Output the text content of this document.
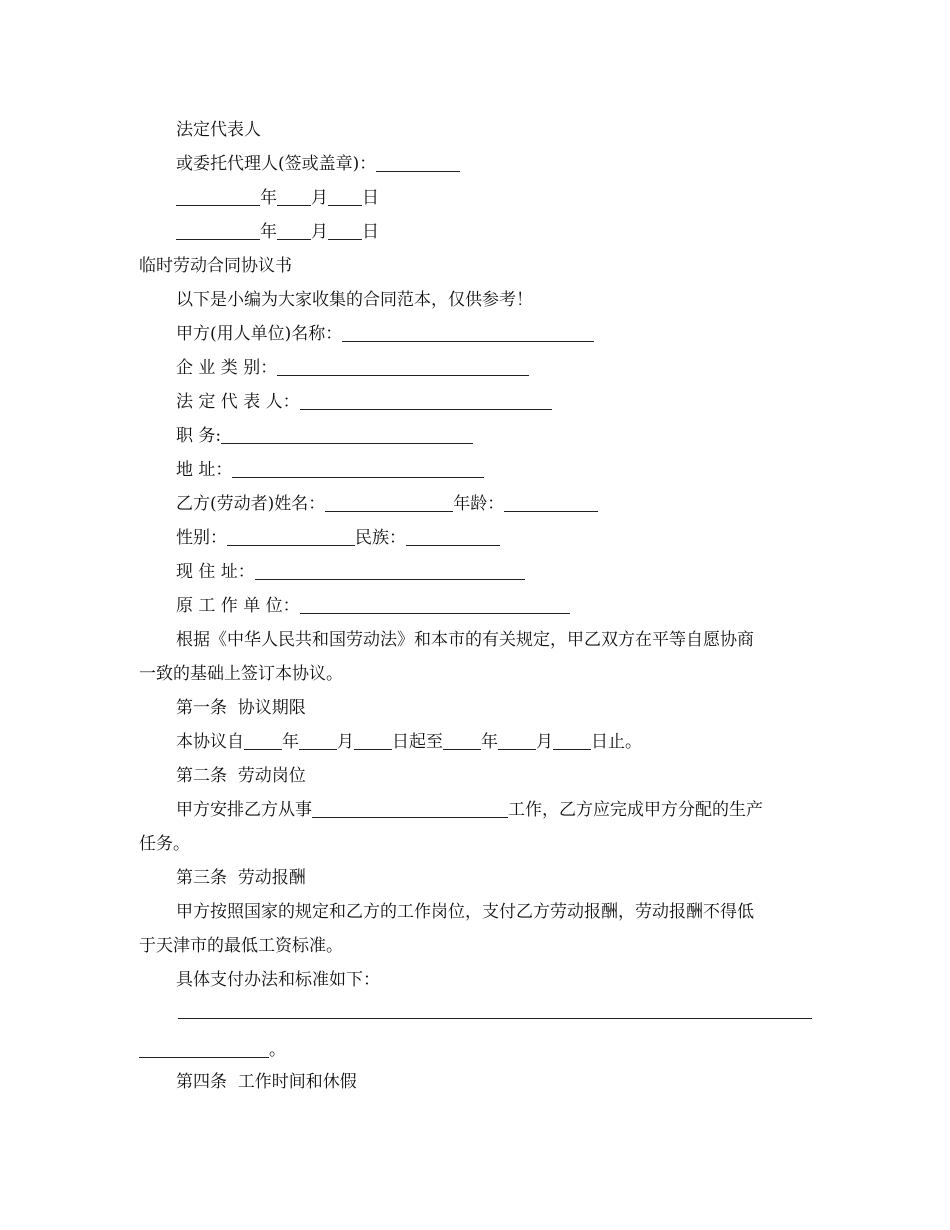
法定代表人
或委托代理人(签或盖章)：
年 月 日
年 月 日
临时劳动合同协议书
以下是小编为大家收集的合同范本，仅供参考！
甲方(用人单位)名称：
企 业 类 别：
法 定 代 表 人：
职 务:
地 址：
乙方(劳动者)姓名：	年龄：
性别：	民族：
现 住 址：
原 工 作 单 位：
根据《中华人民共和国劳动法》和本市的有关规定，甲乙双方在平等自愿协商
一致的基础上签订本协议。
第一条  协议期限
本协议自 年 月 日起至 年 月 日止。
第二条  劳动岗位
甲方安排乙方从事	工作，乙方应完成甲方分配的生产
任务。
第三条  劳动报酬
甲方按照国家的规定和乙方的工作岗位，支付乙方劳动报酬，劳动报酬不得低
于天津市的最低工资标准。
具体支付办法和标准如下：
。
第四条  工作时间和休假
